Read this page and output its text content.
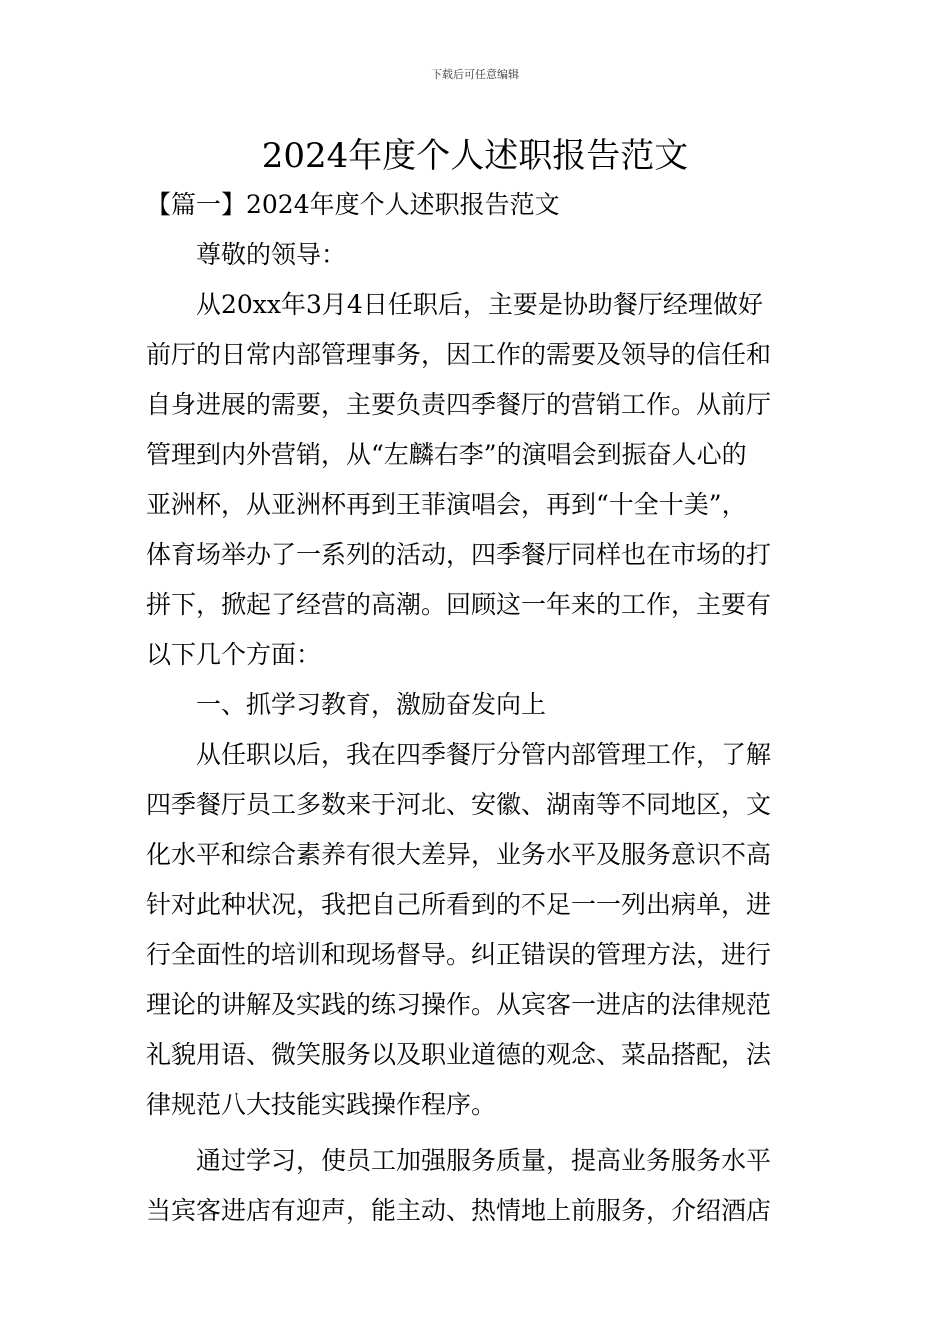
下载后可任意编辑
2024年度个人述职报告范文

【篇一】2024年度个人述职报告范文

尊敬的领导：

从20xx年3月4日任职后，主要是协助餐厅经理做好
前厅的日常内部管理事务，因工作的需要及领导的信任和
自身进展的需要，主要负责四季餐厅的营销工作。从前厅
管理到内外营销，从“左麟右李”的演唱会到振奋人心的
亚洲杯，从亚洲杯再到王菲演唱会，再到“十全十美”，
体育场举办了一系列的活动，四季餐厅同样也在市场的打
拼下，掀起了经营的高潮。回顾这一年来的工作，主要有
以下几个方面：

一、抓学习教育，激励奋发向上

从任职以后，我在四季餐厅分管内部管理工作，了解
四季餐厅员工多数来于河北、安徽、湖南等不同地区，文
化水平和综合素养有很大差异，业务水平及服务意识不高
针对此种状况，我把自己所看到的不足一一列出病单，进
行全面性的培训和现场督导。纠正错误的管理方法，进行
理论的讲解及实践的练习操作。从宾客一进店的法律规范
礼貌用语、微笑服务以及职业道德的观念、菜品搭配，法
律规范八大技能实践操作程序。

通过学习，使员工加强服务质量，提高业务服务水平
当宾客进店有迎声，能主动、热情地上前服务，介绍酒店
